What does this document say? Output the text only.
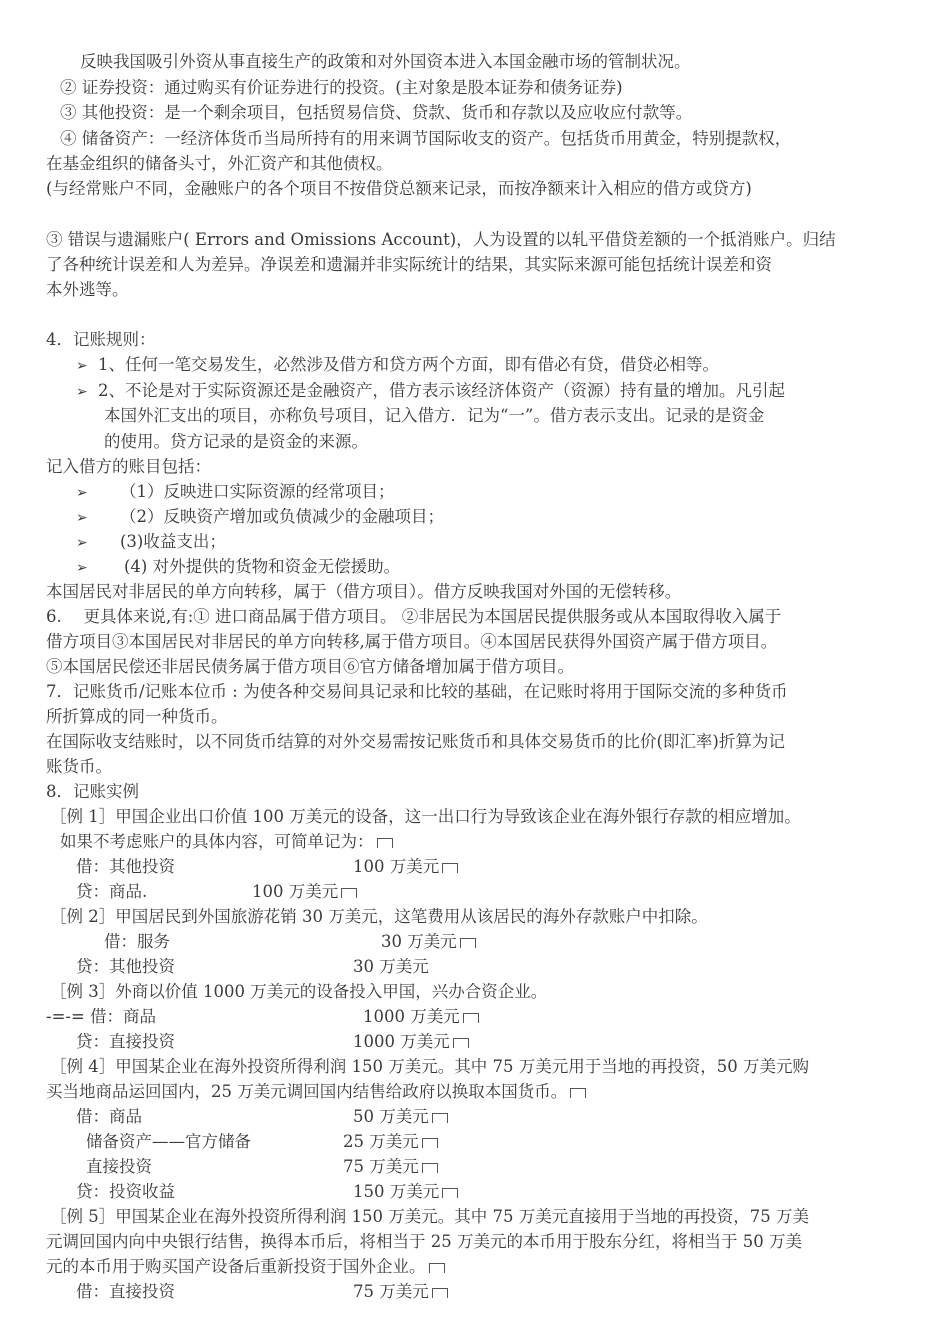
反映我国吸引外资从事直接生产的政策和对外国资本进入本国金融市场的管制状况。
② 证券投资：通过购买有价证券进行的投资。(主对象是股本证券和债务证券)
③ 其他投资：是一个剩余项目，包括贸易信贷、贷款、货币和存款以及应收应付款等。
④ 储备资产：一经济体货币当局所持有的用来调节国际收支的资产。包括货币用黄金，特别提款权，
在基金组织的储备头寸，外汇资产和其他债权。
(与经常账户不同，金融账户的各个项目不按借贷总额来记录，而按净额来计入相应的借方或贷方)
③ 错误与遗漏账户( Errors and Omissions Account)，人为设置的以轧平借贷差额的一个抵消账户。归结
了各种统计误差和人为差异。净误差和遗漏并非实际统计的结果，其实际来源可能包括统计误差和资
本外逃等。
4．记账规则：
➢ 1、任何一笔交易发生，必然涉及借方和贷方两个方面，即有借必有贷，借贷必相等。
➢ 2、不论是对于实际资源还是金融资产，借方表示该经济体资产（资源）持有量的增加。凡引起
本国外汇支出的项目，亦称负号项目，记入借方．记为“一”。借方表示支出。记录的是资金
的使用。贷方记录的是资金的来源。
记入借方的账目包括：
➢ （1）反映进口实际资源的经常项目；
➢ （2）反映资产增加或负债减少的金融项目；
➢ (3)收益支出；
➢ (4) 对外提供的货物和资金无偿援助。
本国居民对非居民的单方向转移，属于（借方项目）。借方反映我国对外国的无偿转移。
6.　 更具体来说,有:① 进口商品属于借方项目。 ②非居民为本国居民提供服务或从本国取得收入属于
借方项目③本国居民对非居民的单方向转移,属于借方项目。④本国居民获得外国资产属于借方项目。
⑤本国居民偿还非居民债务属于借方项目⑥官方储备增加属于借方项目。
7．记账货币/记账本位币 : 为使各种交易间具记录和比较的基础，在记账时将用于国际交流的多种货币
所折算成的同一种货币。
在国际收支结账时，以不同货币结算的对外交易需按记账货币和具体交易货币的比价(即汇率)折算为记
账货币。
8．记账实例
［例 1］甲国企业出口价值 100 万美元的设备，这一出口行为导致该企业在海外银行存款的相应增加。
如果不考虑账户的具体内容，可简单记为：
借：其他投资	100 万美元
贷：商品.	100 万美元
［例 2］甲国居民到外国旅游花销 30 万美元，这笔费用从该居民的海外存款账户中扣除。
借：服务	30 万美元
贷：其他投资	30 万美元
［例 3］外商以价值 1000 万美元的设备投入甲国，兴办合资企业。
-=-= 借：商品	1000 万美元
贷：直接投资	1000 万美元
［例 4］甲国某企业在海外投资所得利润 150 万美元。其中 75 万美元用于当地的再投资，50 万美元购
买当地商品运回国内，25 万美元调回国内结售给政府以换取本国货币。
借：商品	50 万美元
储备资产——官方储备	25 万美元
直接投资	75 万美元
贷：投资收益	150 万美元
［例 5］甲国某企业在海外投资所得利润 150 万美元。其中 75 万美元直接用于当地的再投资，75 万美
元调回国内向中央银行结售，换得本币后，将相当于 25 万美元的本币用于股东分红，将相当于 50 万美
元的本币用于购买国产设备后重新投资于国外企业。
借：直接投资	75 万美元
